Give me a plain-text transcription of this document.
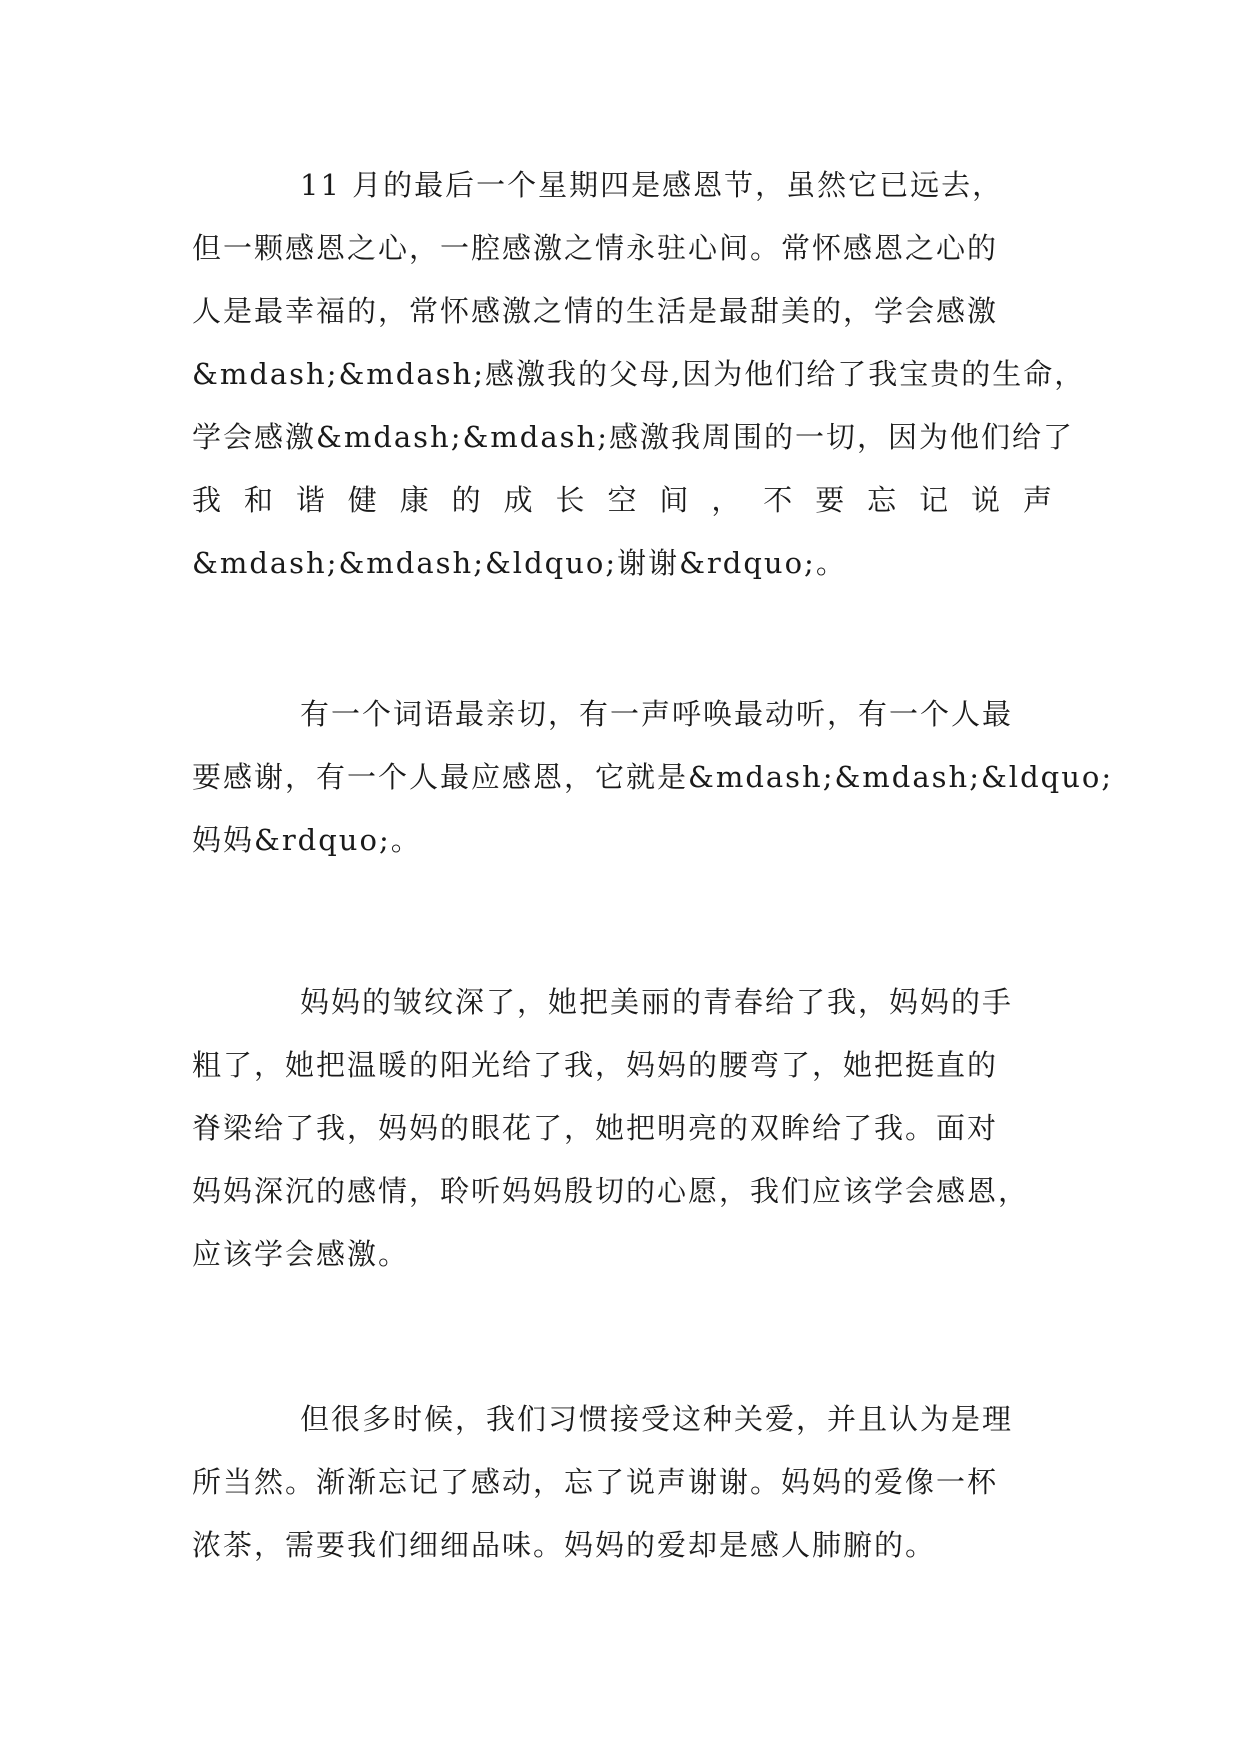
11 月的最后一个星期四是感恩节，虽然它已远去，

但一颗感恩之心，一腔感激之情永驻心间。常怀感恩之心的

人是最幸福的，常怀感激之情的生活是最甜美的，学会感激

&mdash;&mdash;感激我的父母,因为他们给了我宝贵的生命，

学会感激&mdash;&mdash;感激我周围的一切，因为他们给了

我 和 谐 健 康 的 成 长 空 间 ， 不 要 忘 记 说 声

&mdash;&mdash;&ldquo;谢谢&rdquo;。

有一个词语最亲切，有一声呼唤最动听，有一个人最

要感谢，有一个人最应感恩，它就是&mdash;&mdash;&ldquo;

妈妈&rdquo;。

妈妈的皱纹深了，她把美丽的青春给了我，妈妈的手

粗了，她把温暖的阳光给了我，妈妈的腰弯了，她把挺直的

脊梁给了我，妈妈的眼花了，她把明亮的双眸给了我。面对

妈妈深沉的感情，聆听妈妈殷切的心愿，我们应该学会感恩，

应该学会感激。

但很多时候，我们习惯接受这种关爱，并且认为是理

所当然。渐渐忘记了感动，忘了说声谢谢。妈妈的爱像一杯

浓茶，需要我们细细品味。妈妈的爱却是感人肺腑的。
